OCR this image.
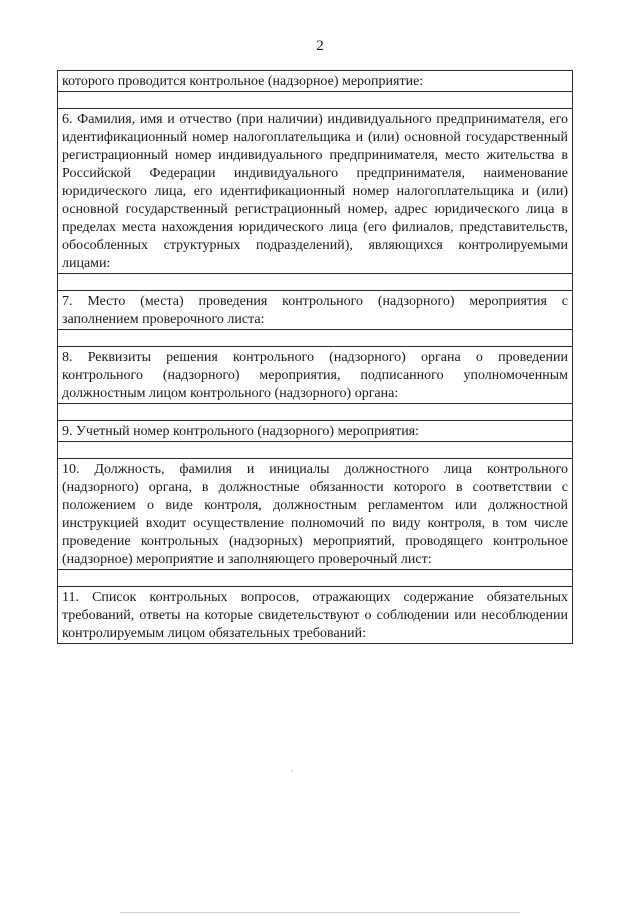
2
которого проводится контрольное (надзорное) мероприятие:

6. Фамилия, имя и отчество (при наличии) индивидуального предпринимателя, его идентификационный номер налогоплательщика и (или) основной государственный регистрационный номер индивидуального предпринимателя, место жительства в Российской Федерации индивидуального предпринимателя, наименование юридического лица, его идентификационный номер налогоплательщика и (или) основной государственный регистрационный номер, адрес юридического лица в пределах места нахождения юридического лица (его филиалов, представительств, обособленных структурных подразделений), являющихся контролируемыми лицами:

7. Место (места) проведения контрольного (надзорного) мероприятия с заполнением проверочного листа:

8. Реквизиты решения контрольного (надзорного) органа о проведении контрольного (надзорного) мероприятия, подписанного уполномоченным должностным лицом контрольного (надзорного) органа:

9. Учетный номер контрольного (надзорного) мероприятия:

10. Должность, фамилия и инициалы должностного лица контрольного (надзорного) органа, в должностные обязанности которого в соответствии с положением о виде контроля, должностным регламентом или должностной инструкцией входит осуществление полномочий по виду контроля, в том числе проведение контрольных (надзорных) мероприятий, проводящего контрольное (надзорное) мероприятие и заполняющего проверочный лист:

11. Список контрольных вопросов, отражающих содержание обязательных требований, ответы на которые свидетельствуют о соблюдении или несоблюдении контролируемым лицом обязательных требований:
